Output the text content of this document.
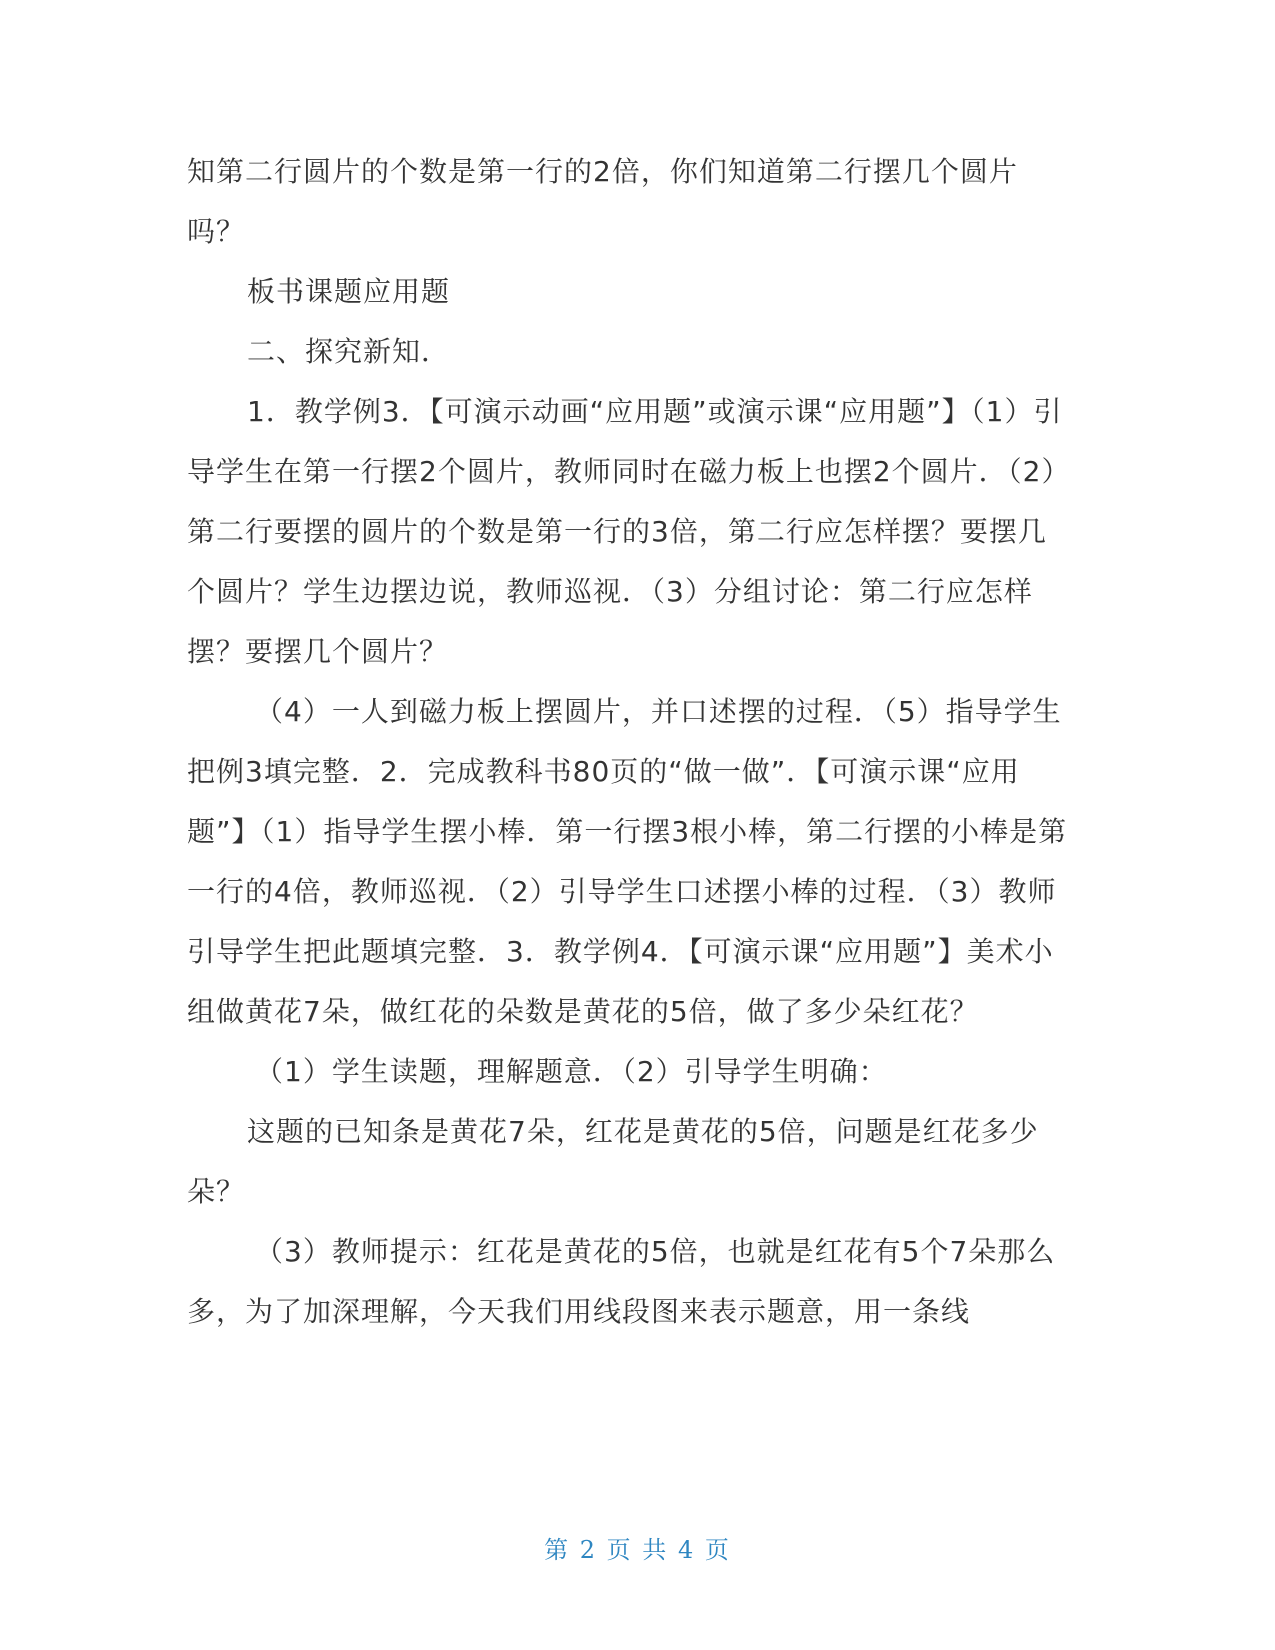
知第二行圆片的个数是第一行的2倍，你们知道第二行摆几个圆片吗？

板书课题应用题

二、探究新知．

1．教学例3．【可演示动画“应用题”或演示课“应用题”】（1）引导学生在第一行摆2个圆片，教师同时在磁力板上也摆2个圆片．（2）第二行要摆的圆片的个数是第一行的3倍，第二行应怎样摆？要摆几个圆片？学生边摆边说，教师巡视．（3）分组讨论：第二行应怎样摆？要摆几个圆片？

（4）一人到磁力板上摆圆片，并口述摆的过程．（5）指导学生把例3填完整．2．完成教科书80页的“做一做”．【可演示课“应用题”】（1）指导学生摆小棒．第一行摆3根小棒，第二行摆的小棒是第一行的4倍，教师巡视．（2）引导学生口述摆小棒的过程．（3）教师引导学生把此题填完整．3．教学例4．【可演示课“应用题”】美术小组做黄花7朵，做红花的朵数是黄花的5倍，做了多少朵红花？

（1）学生读题，理解题意．（2）引导学生明确：

这题的已知条是黄花7朵，红花是黄花的5倍，问题是红花多少朵？

（3）教师提示：红花是黄花的5倍，也就是红花有5个7朵那么多，为了加深理解，今天我们用线段图来表示题意，用一条线

第 2 页 共 4 页
